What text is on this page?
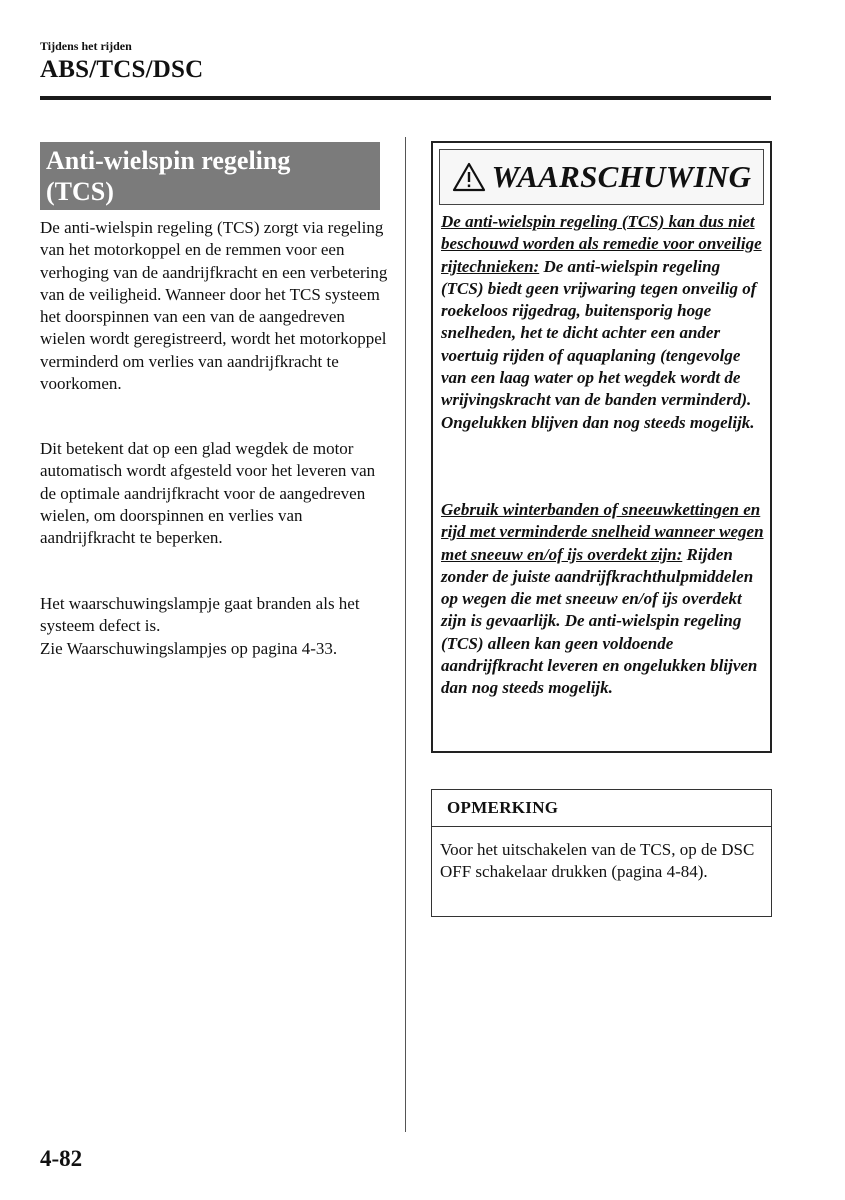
Tijdens het rijden
ABS/TCS/DSC
Anti-wielspin regeling
(TCS)

De anti-wielspin regeling (TCS) zorgt via regeling van het motorkoppel en de remmen voor een verhoging van de aandrijfkracht en een verbetering van de veiligheid. Wanneer door het TCS systeem het doorspinnen van een van de aangedreven wielen wordt geregistreerd, wordt het motorkoppel verminderd om verlies van aandrijfkracht te voorkomen.

Dit betekent dat op een glad wegdek de motor automatisch wordt afgesteld voor het leveren van de optimale aandrijfkracht voor de aangedreven wielen, om doorspinnen en verlies van aandrijfkracht te beperken.

Het waarschuwingslampje gaat branden als het systeem defect is.
Zie Waarschuwingslampjes op pagina 4-33.
WAARSCHUWING

De anti-wielspin regeling (TCS) kan dus niet beschouwd worden als remedie voor onveilige rijtechnieken: De anti-wielspin regeling (TCS) biedt geen vrijwaring tegen onveilig of roekeloos rijgedrag, buitensporig hoge snelheden, het te dicht achter een ander voertuig rijden of aquaplaning (tengevolge van een laag water op het wegdek wordt de wrijvingskracht van de banden verminderd). Ongelukken blijven dan nog steeds mogelijk.

Gebruik winterbanden of sneeuwkettingen en rijd met verminderde snelheid wanneer wegen met sneeuw en/of ijs overdekt zijn: Rijden zonder de juiste aandrijfkrachthulpmiddelen op wegen die met sneeuw en/of ijs overdekt zijn is gevaarlijk. De anti-wielspin regeling (TCS) alleen kan geen voldoende aandrijfkracht leveren en ongelukken blijven dan nog steeds mogelijk.

OPMERKING

Voor het uitschakelen van de TCS, op de DSC OFF schakelaar drukken (pagina 4-84).

4-82
